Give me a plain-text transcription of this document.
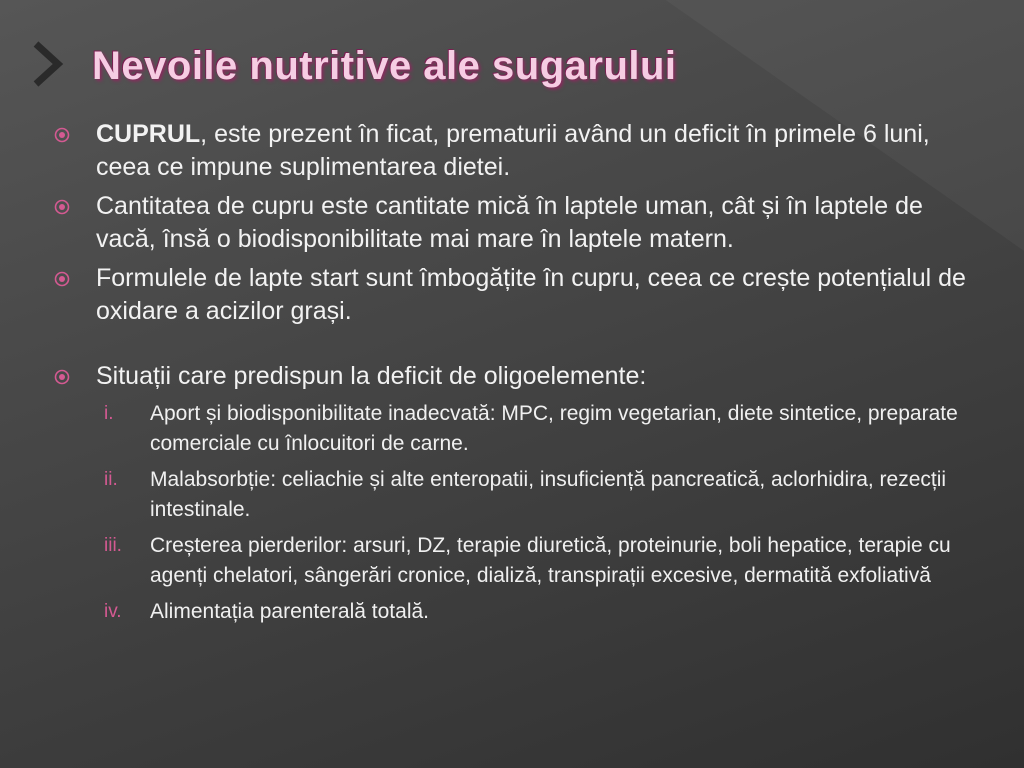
Nevoile nutritive ale sugarului

CUPRUL, este prezent în ficat, prematurii având un deficit în primele 6 luni, ceea ce impune suplimentarea dietei.

Cantitatea de cupru este cantitate mică în laptele uman, cât și în laptele de vacă, însă o biodisponibilitate mai mare în laptele matern.

Formulele de lapte start sunt îmbogățite în cupru, ceea ce crește potențialul de oxidare a acizilor grași.

Situații care predispun la deficit de oligoelemente:

i. Aport și biodisponibilitate inadecvată: MPC, regim vegetarian, diete sintetice, preparate comerciale cu înlocuitori de carne.
ii. Malabsorbție: celiachie și alte enteropatii, insuficiență pancreatică, aclorhidira, rezecții intestinale.
iii. Creșterea pierderilor: arsuri, DZ, terapie diuretică, proteinurie, boli hepatice, terapie cu agenți chelatori, sângerări cronice, dializă, transpirații excesive, dermatită exfoliativă
iv. Alimentația parenterală totală.
